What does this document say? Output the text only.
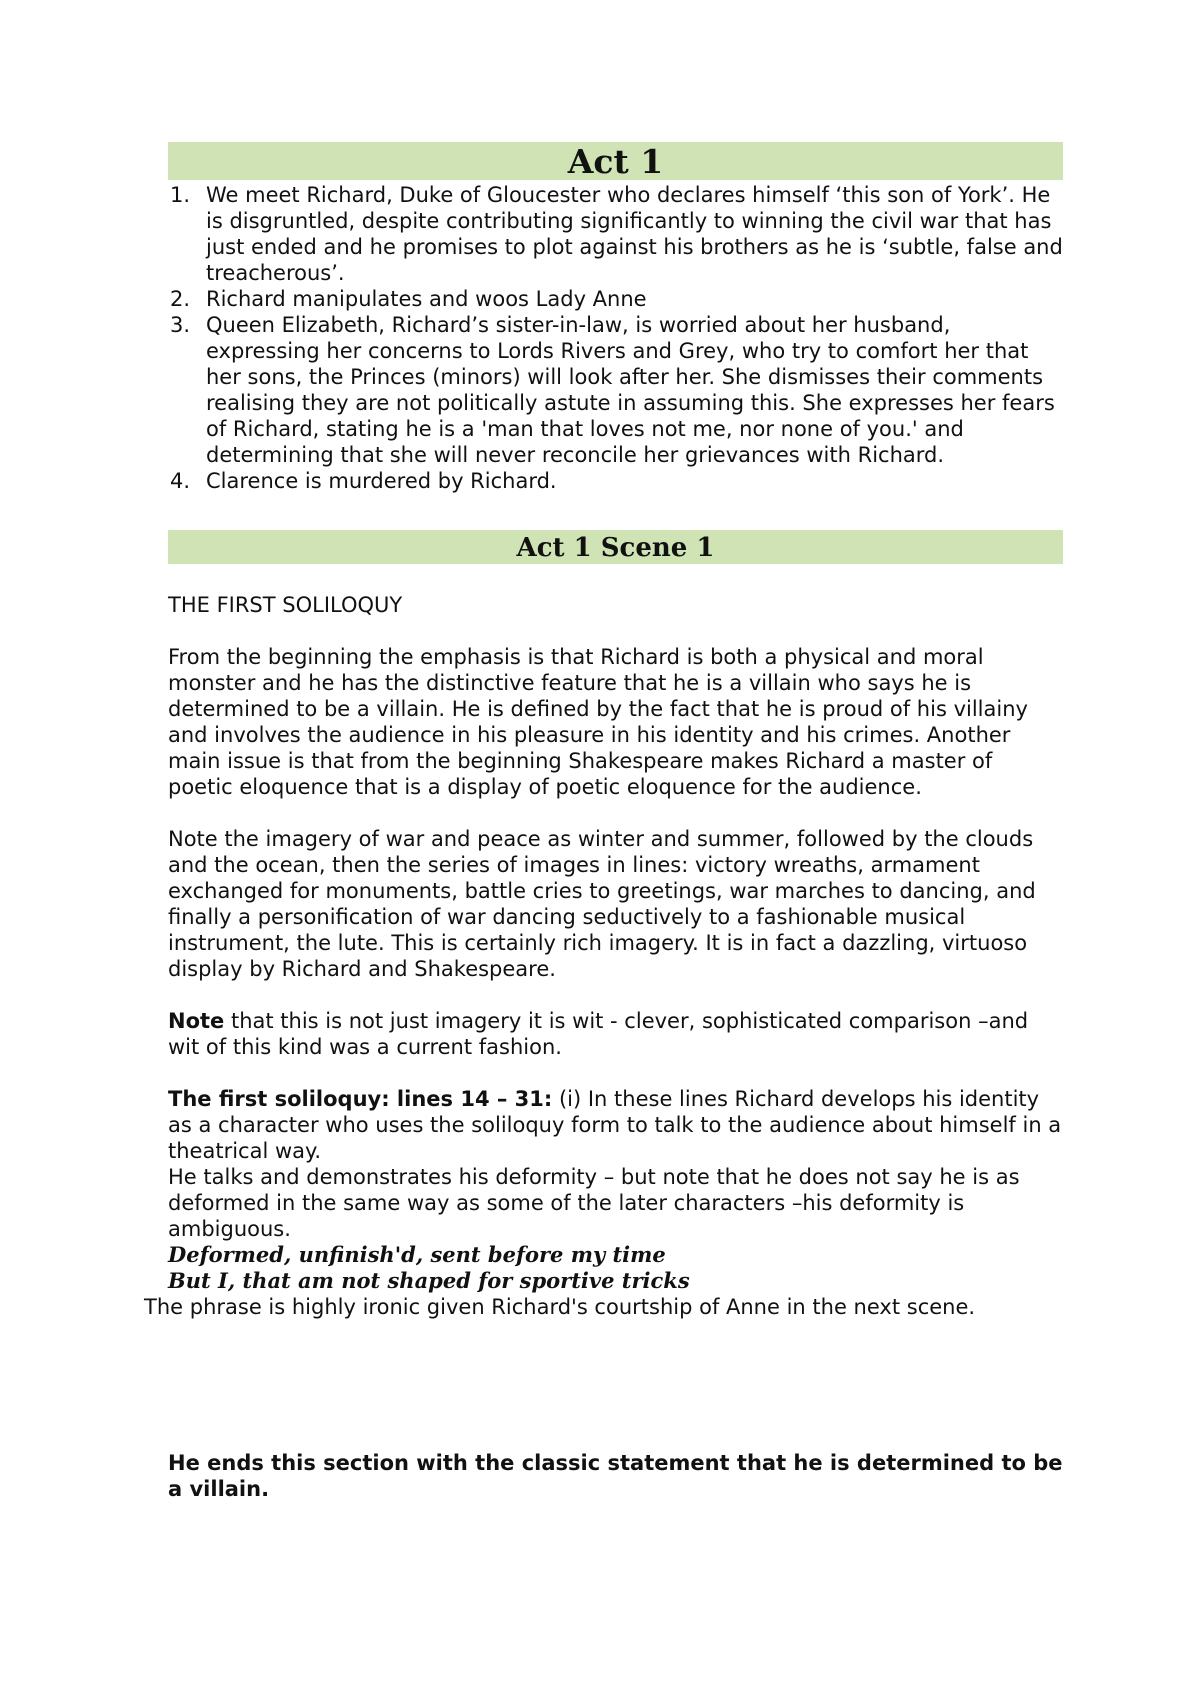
Act 1
1. We meet Richard, Duke of Gloucester who declares himself ‘this son of York’. He is disgruntled, despite contributing significantly to winning the civil war that has just ended and he promises to plot against his brothers as he is ‘subtle, false and treacherous’.
2. Richard manipulates and woos Lady Anne
3. Queen Elizabeth, Richard’s sister-in-law, is worried about her husband, expressing her concerns to Lords Rivers and Grey, who try to comfort her that her sons, the Princes (minors) will look after her. She dismisses their comments realising they are not politically astute in assuming this. She expresses her fears of Richard, stating he is a 'man that loves not me, nor none of you.' and determining that she will never reconcile her grievances with Richard.
4. Clarence is murdered by Richard.
Act 1 Scene 1
THE FIRST SOLILOQUY
From the beginning the emphasis is that Richard is both a physical and moral monster and he has the distinctive feature that he is a villain who says he is determined to be a villain. He is defined by the fact that he is proud of his villainy and involves the audience in his pleasure in his identity and his crimes. Another main issue is that from the beginning Shakespeare makes Richard a master of poetic eloquence that is a display of poetic eloquence for the audience.
Note the imagery of war and peace as winter and summer, followed by the clouds and the ocean, then the series of images in lines: victory wreaths, armament exchanged for monuments, battle cries to greetings, war marches to dancing, and finally a personification of war dancing seductively to a fashionable musical instrument, the lute. This is certainly rich imagery. It is in fact a dazzling, virtuoso display by Richard and Shakespeare.
Note that this is not just imagery it is wit - clever, sophisticated comparison –and wit of this kind was a current fashion.
The first soliloquy: lines 14 – 31: (i) In these lines Richard develops his identity as a character who uses the soliloquy form to talk to the audience about himself in a theatrical way.
He talks and demonstrates his deformity – but note that he does not say he is as deformed in the same way as some of the later characters –his deformity is ambiguous.
Deformed, unfinish'd, sent before my time
But I, that am not shaped for sportive tricks
The phrase is highly ironic given Richard's courtship of Anne in the next scene.
He ends this section with the classic statement that he is determined to be a villain.
